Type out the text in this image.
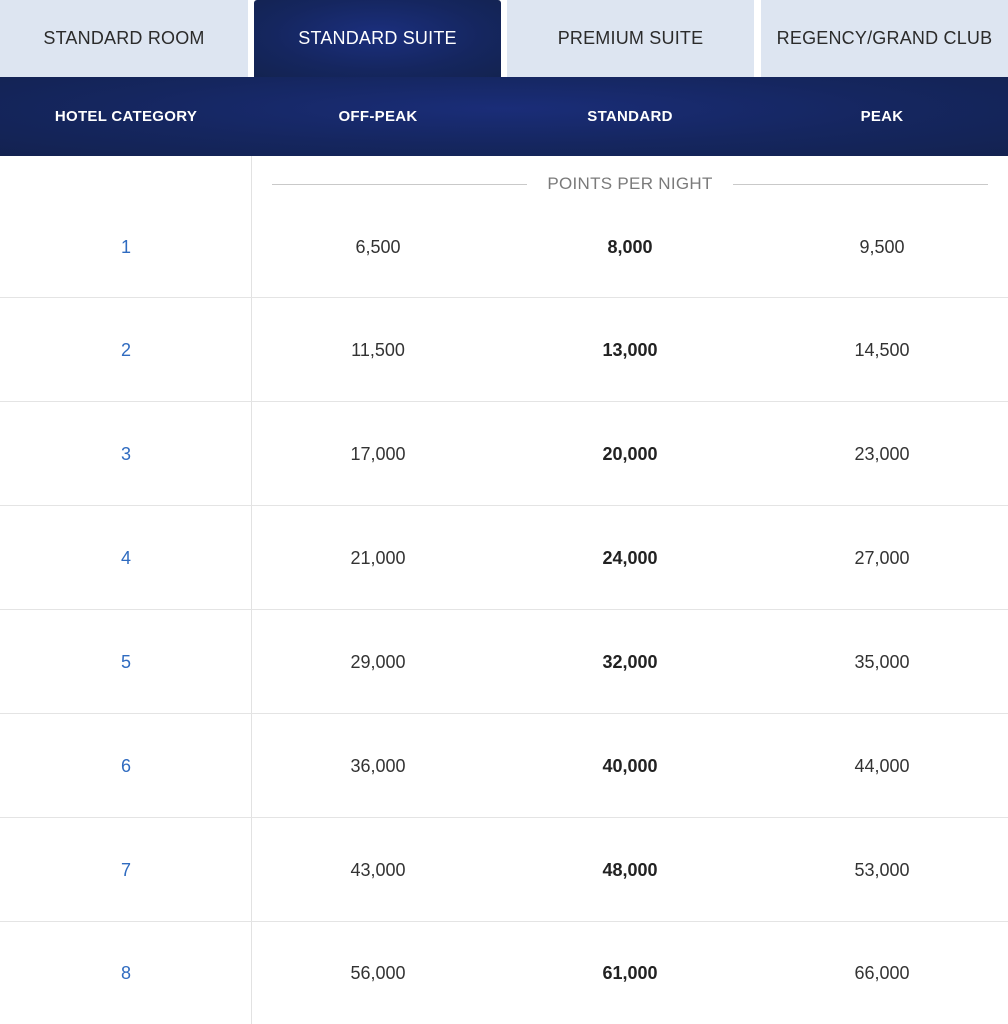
STANDARD ROOM	STANDARD SUITE	PREMIUM SUITE	REGENCY/GRAND CLUB
HOTEL CATEGORY	OFF-PEAK	STANDARD	PEAK
POINTS PER NIGHT
1	6,500	8,000	9,500
2	11,500	13,000	14,500
3	17,000	20,000	23,000
4	21,000	24,000	27,000
5	29,000	32,000	35,000
6	36,000	40,000	44,000
7	43,000	48,000	53,000
8	56,000	61,000	66,000
